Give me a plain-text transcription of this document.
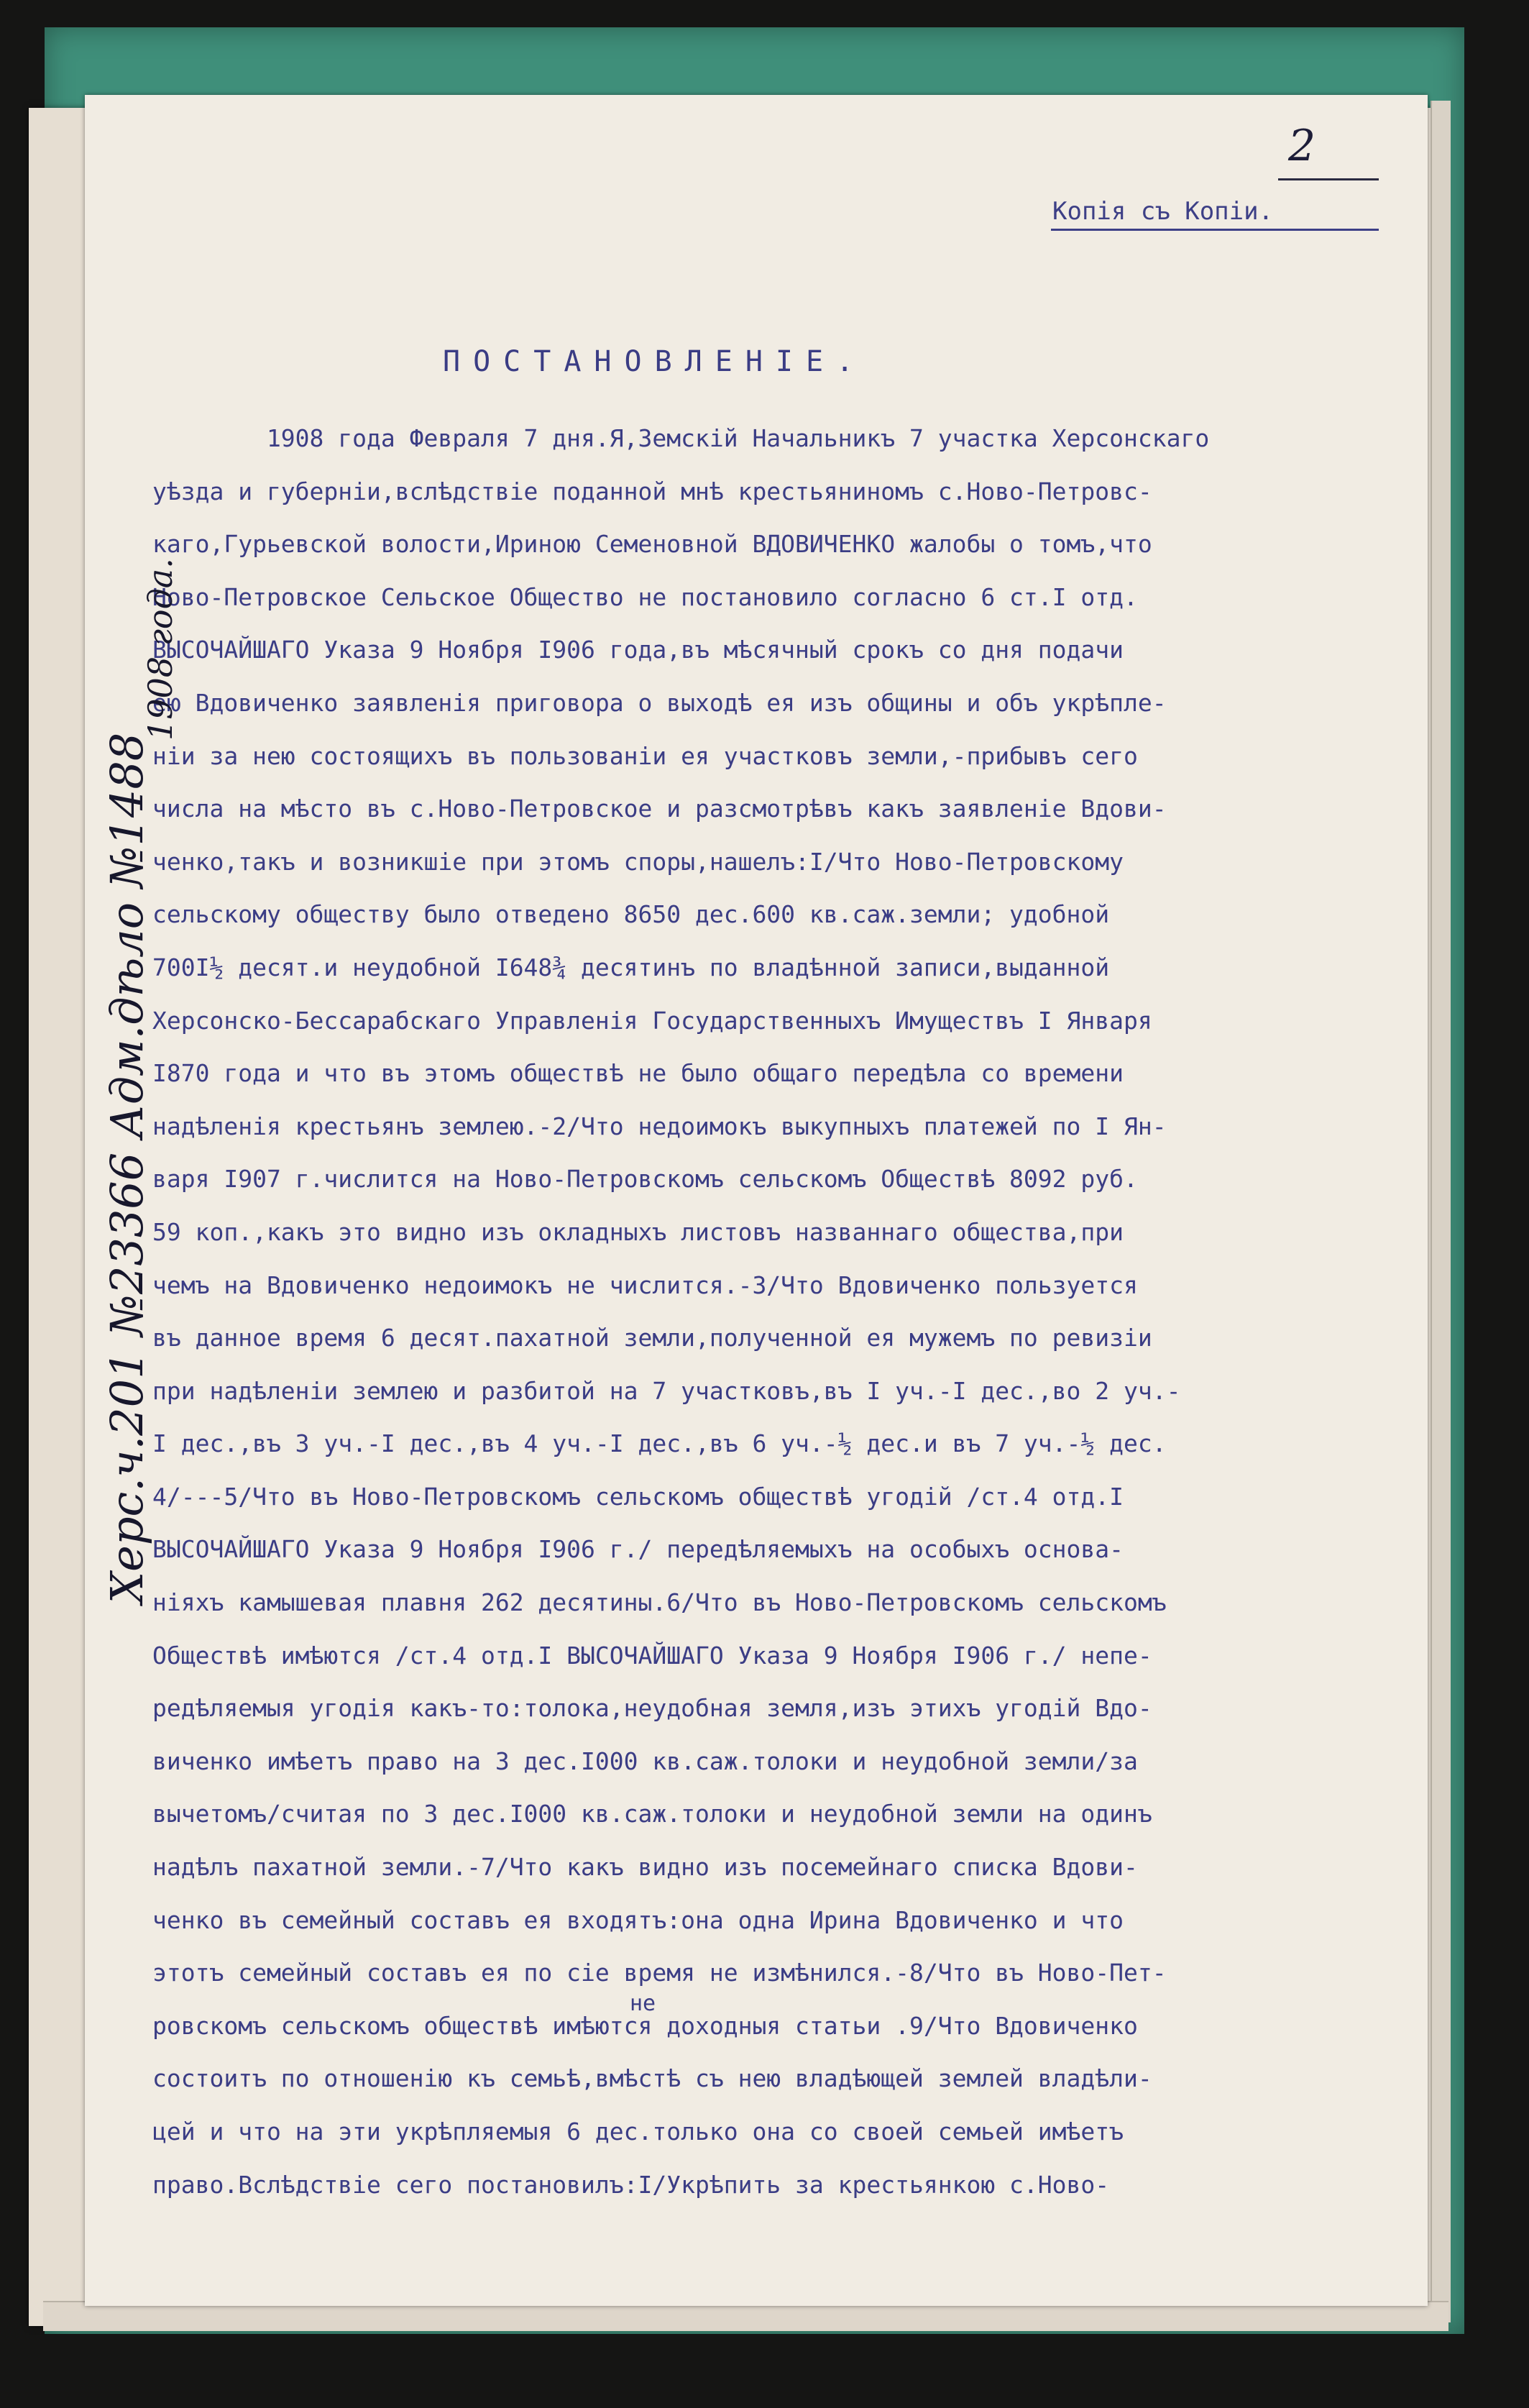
2
Копія съ Копіи.
ПОСТАНОВЛЕНІЕ.
1908 года Февраля 7 дня.Я,Земскій Начальникъ 7 участка Херсонскаго
уѣзда и губерніи,вслѣдствіе поданной мнѣ крестьяниномъ с.Ново-Петровс-
каго,Гурьевской волости,Ириною Семеновной ВДОВИЧЕНКО жалобы о томъ,что
Ново-Петровское Сельское Общество не постановило согласно 6 ст.I отд.
ВЫСОЧАЙШАГО Указа 9 Ноября I906 года,въ мѣсячный срокъ со дня подачи
ею Вдовиченко заявленія приговора о выходѣ ея изъ общины и объ укрѣпле-
ніи за нею состоящихъ въ пользованіи ея участковъ земли,-прибывъ сего
числа на мѣсто въ с.Ново-Петровское и разсмотрѣвъ какъ заявленіе Вдови-
ченко,такъ и возникшіе при этомъ споры,нашелъ:I/Что Ново-Петровскому
сельскому обществу было отведено 8650 дес.600 кв.саж.земли; удобной
700I½ десят.и неудобной I648¾ десятинъ по владѣнной записи,выданной
Херсонско-Бессарабскаго Управленія Государственныхъ Имуществъ I Января
I870 года и что въ этомъ обществѣ не было общаго передѣла со времени
надѣленія крестьянъ землею.-2/Что недоимокъ выкупныхъ платежей по I Ян-
варя I907 г.числится на Ново-Петровскомъ сельскомъ Обществѣ 8092 руб.
59 коп.,какъ это видно изъ окладныхъ листовъ названнаго общества,при
чемъ на Вдовиченко недоимокъ не числится.-3/Что Вдовиченко пользуется
въ данное время 6 десят.пахатной земли,полученной ея мужемъ по ревизіи
при надѣленіи землею и разбитой на 7 участковъ,въ I уч.-I дес.,во 2 уч.-
I дес.,въ 3 уч.-I дес.,въ 4 уч.-I дес.,въ 6 уч.-½ дес.и въ 7 уч.-½ дес.
4/---5/Что въ Ново-Петровскомъ сельскомъ обществѣ угодій /ст.4 отд.I
ВЫСОЧАЙШАГО Указа 9 Ноября I906 г./ передѣляемыхъ на особыхъ основа-
ніяхъ камышевая плавня 262 десятины.6/Что въ Ново-Петровскомъ сельскомъ
Обществѣ имѣются /ст.4 отд.I ВЫСОЧАЙШАГО Указа 9 Ноября I906 г./ непе-
редѣляемыя угодія какъ-то:толока,неудобная земля,изъ этихъ угодій Вдо-
виченко имѣетъ право на 3 дес.I000 кв.саж.толоки и неудобной земли/за
вычетомъ/считая по 3 дес.I000 кв.саж.толоки и неудобной земли на одинъ
надѣлъ пахатной земли.-7/Что какъ видно изъ посемейнаго списка Вдови-
ченко въ семейный составъ ея входятъ:она одна Ирина Вдовиченко и что
этотъ семейный составъ ея по сіе время не измѣнился.-8/Что въ Ново-Пет-
ровскомъ сельскомъ обществѣ имѣются доходныя статьи .9/Что Вдовиченко
состоитъ по отношенію къ семьѣ,вмѣстѣ съ нею владѣющей землей владѣли-
цей и что на эти укрѣпляемыя 6 дес.только она со своей семьей имѣетъ
право.Вслѣдствіе сего постановилъ:I/Укрѣпить за крестьянкою с.Ново-
не
Херс.ч.201 №23366 Адм.дѣло №1488
1908 года.
